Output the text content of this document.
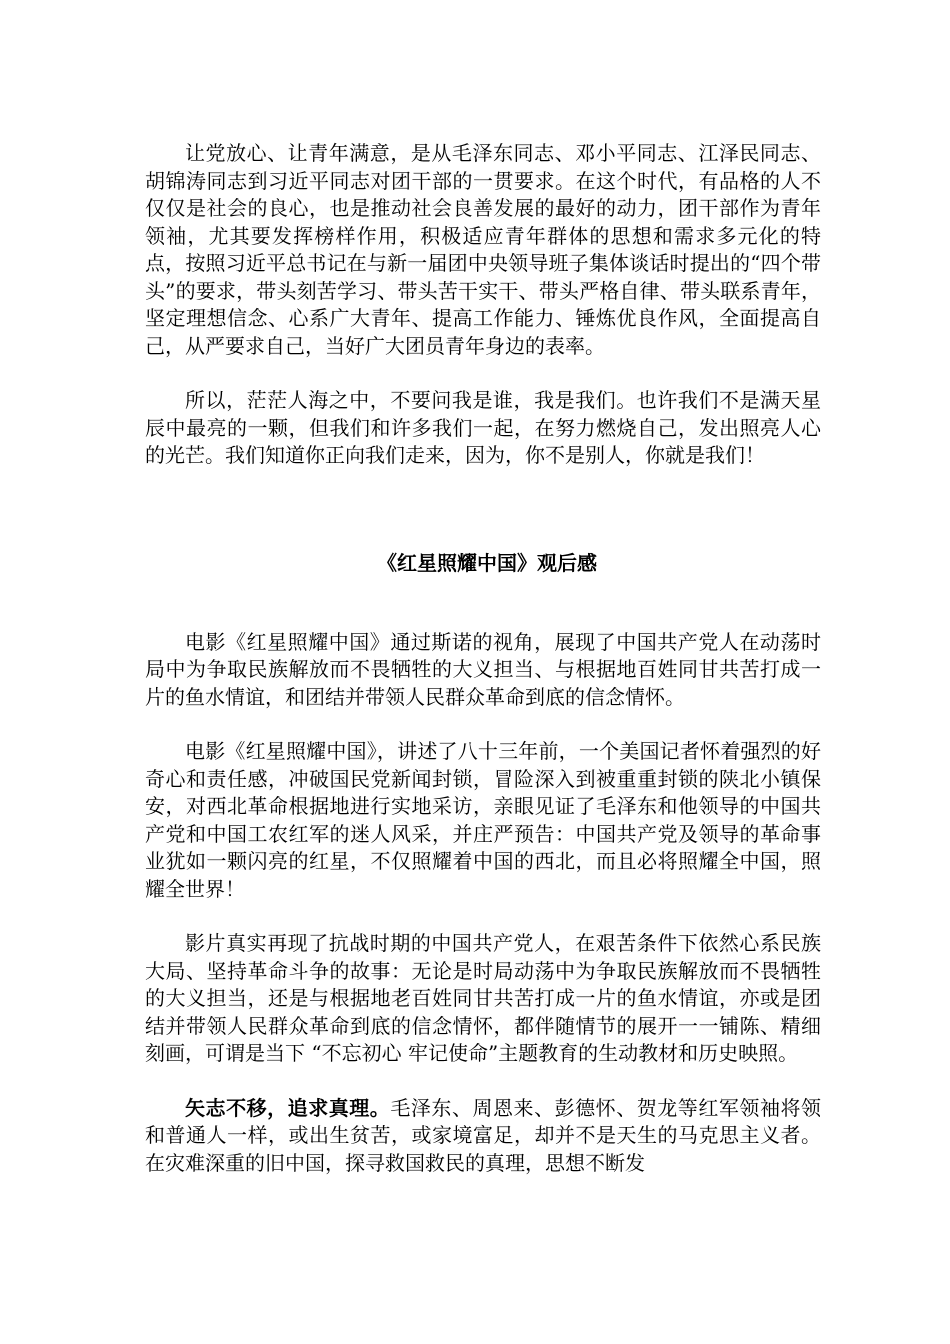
让党放心、让青年满意，是从毛泽东同志、邓小平同志、江泽民同志、胡锦涛同志到习近平同志对团干部的一贯要求。在这个时代，有品格的人不仅仅是社会的良心，也是推动社会良善发展的最好的动力，团干部作为青年领袖，尤其要发挥榜样作用，积极适应青年群体的思想和需求多元化的特点，按照习近平总书记在与新一届团中央领导班子集体谈话时提出的“四个带头”的要求，带头刻苦学习、带头苦干实干、带头严格自律、带头联系青年，坚定理想信念、心系广大青年、提高工作能力、锤炼优良作风，全面提高自己，从严要求自己，当好广大团员青年身边的表率。

所以，茫茫人海之中，不要问我是谁，我是我们。也许我们不是满天星辰中最亮的一颗，但我们和许多我们一起，在努力燃烧自己，发出照亮人心的光芒。我们知道你正向我们走来，因为，你不是别人，你就是我们！

《红星照耀中国》观后感

电影《红星照耀中国》通过斯诺的视角，展现了中国共产党人在动荡时局中为争取民族解放而不畏牺牲的大义担当、与根据地百姓同甘共苦打成一片的鱼水情谊，和团结并带领人民群众革命到底的信念情怀。

电影《红星照耀中国》，讲述了八十三年前，一个美国记者怀着强烈的好奇心和责任感，冲破国民党新闻封锁，冒险深入到被重重封锁的陕北小镇保安，对西北革命根据地进行实地采访，亲眼见证了毛泽东和他领导的中国共产党和中国工农红军的迷人风采，并庄严预告：中国共产党及领导的革命事业犹如一颗闪亮的红星，不仅照耀着中国的西北，而且必将照耀全中国，照耀全世界！

影片真实再现了抗战时期的中国共产党人，在艰苦条件下依然心系民族大局、坚持革命斗争的故事：无论是时局动荡中为争取民族解放而不畏牺牲的大义担当，还是与根据地老百姓同甘共苦打成一片的鱼水情谊，亦或是团结并带领人民群众革命到底的信念情怀，都伴随情节的展开一一铺陈、精细刻画，可谓是当下 “不忘初心 牢记使命”主题教育的生动教材和历史映照。

矢志不移，追求真理。毛泽东、周恩来、彭德怀、贺龙等红军领袖将领和普通人一样，或出生贫苦，或家境富足，却并不是天生的马克思主义者。在灾难深重的旧中国，探寻救国救民的真理，思想不断发
